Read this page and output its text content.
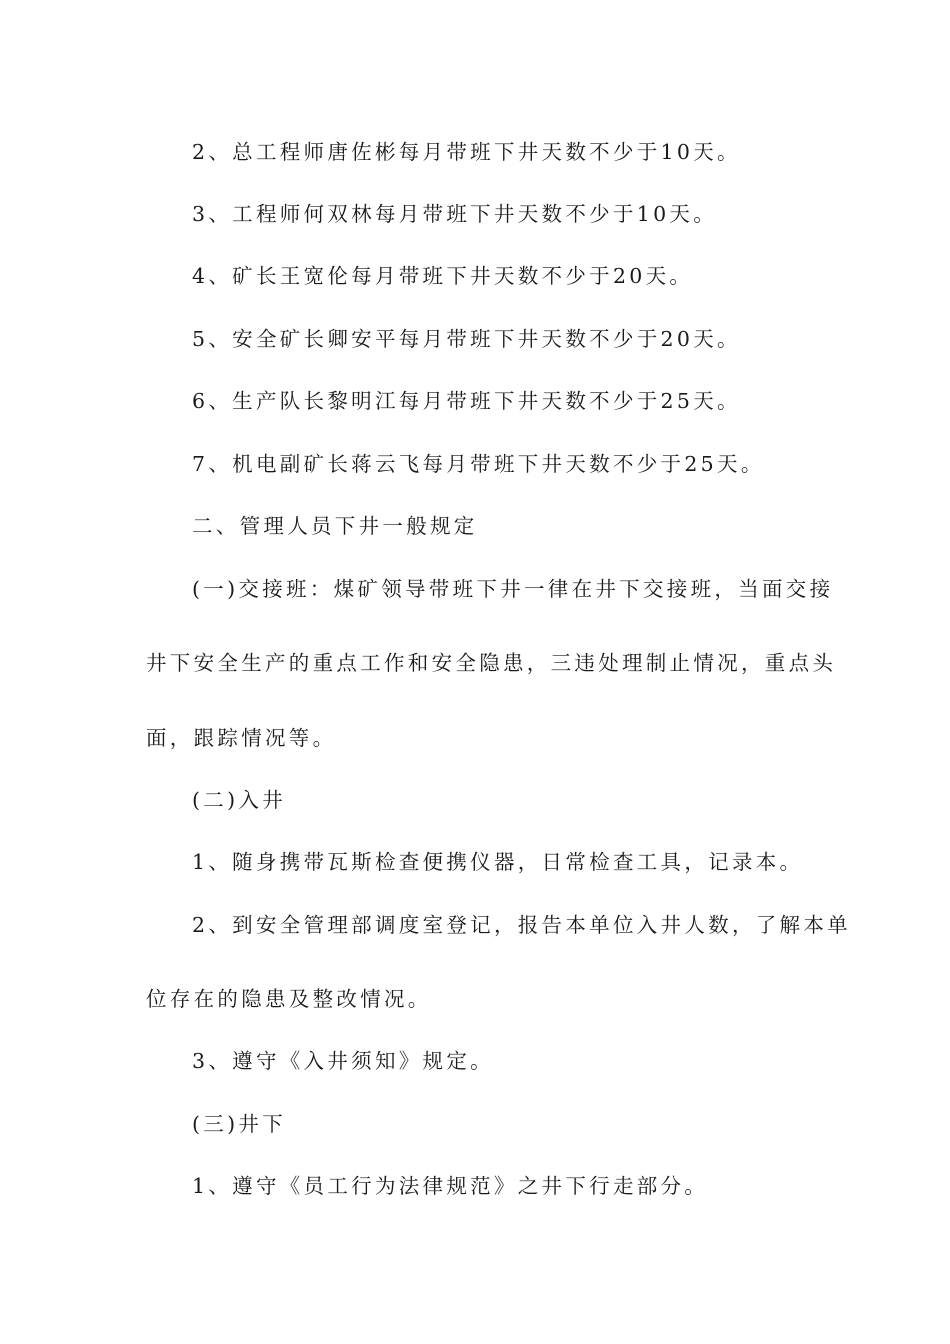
2、总工程师唐佐彬每月带班下井天数不少于10天。

3、工程师何双林每月带班下井天数不少于10天。

4、矿长王宽伦每月带班下井天数不少于20天。

5、安全矿长卿安平每月带班下井天数不少于20天。

6、生产队长黎明江每月带班下井天数不少于25天。

7、机电副矿长蒋云飞每月带班下井天数不少于25天。

二、管理人员下井一般规定

(一)交接班：煤矿领导带班下井一律在井下交接班，当面交接

井下安全生产的重点工作和安全隐患，三违处理制止情况，重点头

面，跟踪情况等。

(二)入井

1、随身携带瓦斯检查便携仪器，日常检查工具，记录本。

2、到安全管理部调度室登记，报告本单位入井人数，了解本单

位存在的隐患及整改情况。

3、遵守《入井须知》规定。

(三)井下

1、遵守《员工行为法律规范》之井下行走部分。
